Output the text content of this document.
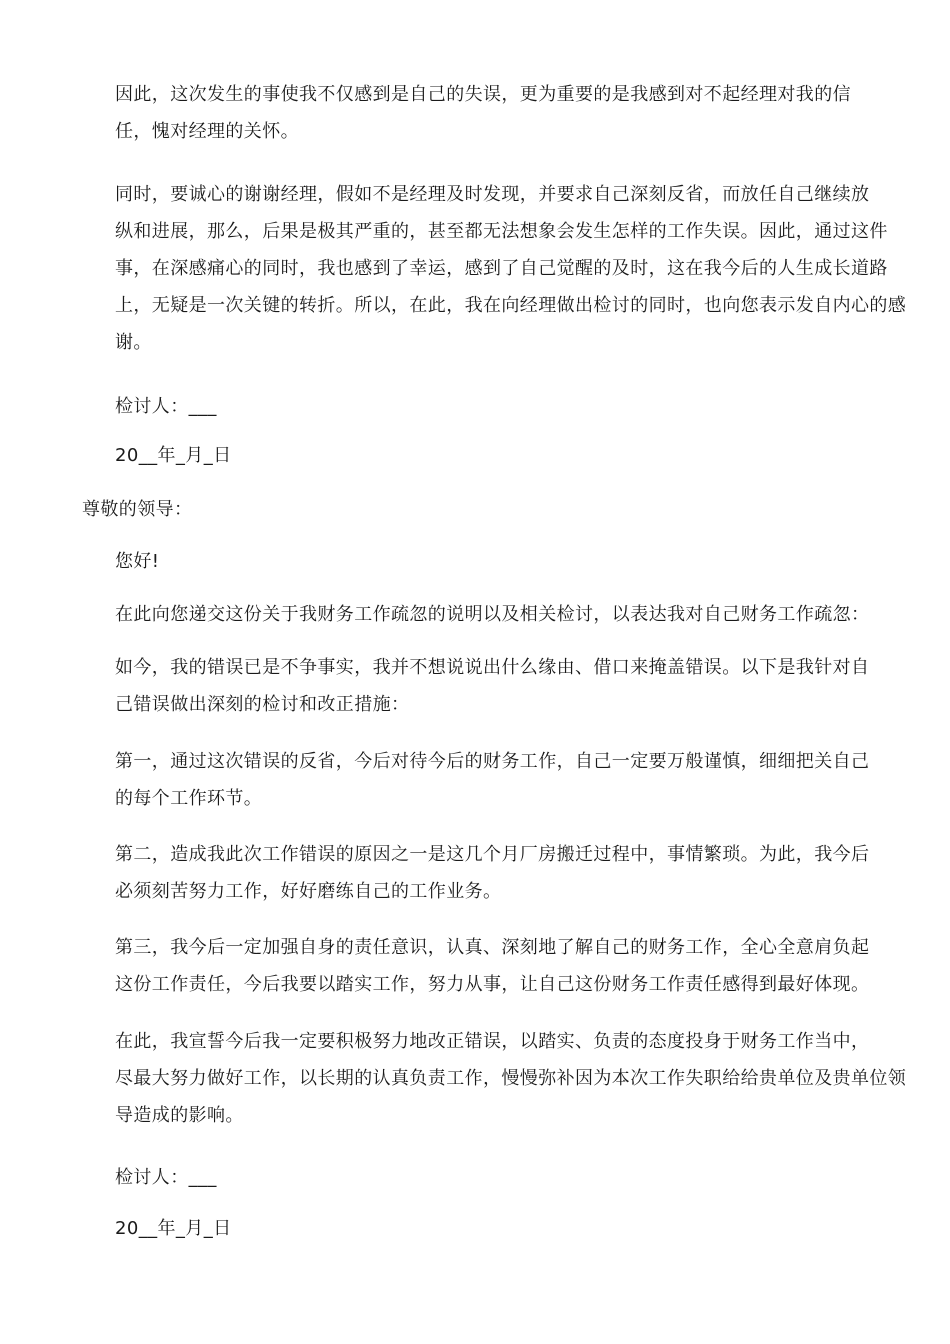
因此，这次发生的事使我不仅感到是自己的失误，更为重要的是我感到对不起经理对我的信
任，愧对经理的关怀。

同时，要诚心的谢谢经理，假如不是经理及时发现，并要求自己深刻反省，而放任自己继续放
纵和进展，那么，后果是极其严重的，甚至都无法想象会发生怎样的工作失误。因此，通过这件
事，在深感痛心的同时，我也感到了幸运，感到了自己觉醒的及时，这在我今后的人生成长道路
上，无疑是一次关键的转折。所以，在此，我在向经理做出检讨的同时，也向您表示发自内心的感
谢。

检讨人：___

20__年_月_日

尊敬的领导：

您好!

在此向您递交这份关于我财务工作疏忽的说明以及相关检讨，以表达我对自己财务工作疏忽：

如今，我的错误已是不争事实，我并不想说说出什么缘由、借口来掩盖错误。以下是我针对自
己错误做出深刻的检讨和改正措施：

第一，通过这次错误的反省，今后对待今后的财务工作，自己一定要万般谨慎，细细把关自己
的每个工作环节。

第二，造成我此次工作错误的原因之一是这几个月厂房搬迁过程中，事情繁琐。为此，我今后
必须刻苦努力工作，好好磨练自己的工作业务。

第三，我今后一定加强自身的责任意识，认真、深刻地了解自己的财务工作，全心全意肩负起
这份工作责任，今后我要以踏实工作，努力从事，让自己这份财务工作责任感得到最好体现。

在此，我宣誓今后我一定要积极努力地改正错误，以踏实、负责的态度投身于财务工作当中，
尽最大努力做好工作，以长期的认真负责工作，慢慢弥补因为本次工作失职给给贵单位及贵单位领
导造成的影响。

检讨人：___

20__年_月_日
